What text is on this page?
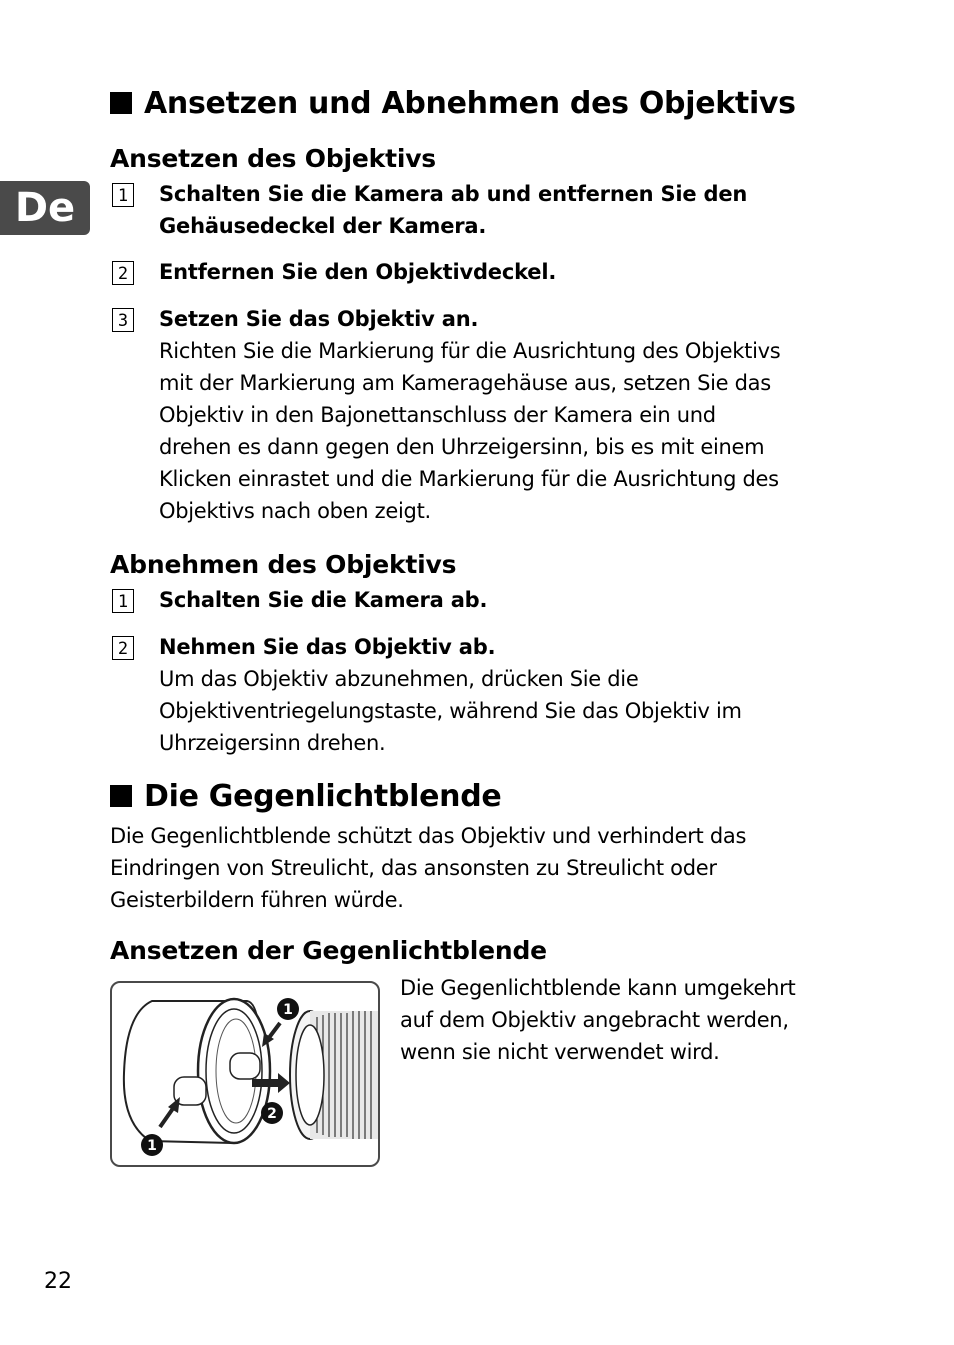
De
Ansetzen und Abnehmen des Objektivs
Ansetzen des Objektivs
1 Schalten Sie die Kamera ab und entfernen Sie den
Gehäusedeckel der Kamera.
2 Entfernen Sie den Objektivdeckel.
3 Setzen Sie das Objektiv an.
Richten Sie die Markierung für die Ausrichtung des Objektivs
mit der Markierung am Kameragehäuse aus, setzen Sie das
Objektiv in den Bajonettanschluss der Kamera ein und
drehen es dann gegen den Uhrzeigersinn, bis es mit einem
Klicken einrastet und die Markierung für die Ausrichtung des
Objektivs nach oben zeigt.
Abnehmen des Objektivs
1 Schalten Sie die Kamera ab.
2 Nehmen Sie das Objektiv ab.
Um das Objektiv abzunehmen, drücken Sie die
Objektiventriegelungstaste, während Sie das Objektiv im
Uhrzeigersinn drehen.
Die Gegenlichtblende
Die Gegenlichtblende schützt das Objektiv und verhindert das
Eindringen von Streulicht, das ansonsten zu Streulicht oder
Geisterbildern führen würde.
Ansetzen der Gegenlichtblende
1
2
1
Die Gegenlichtblende kann umgekehrt
auf dem Objektiv angebracht werden,
wenn sie nicht verwendet wird.
22
